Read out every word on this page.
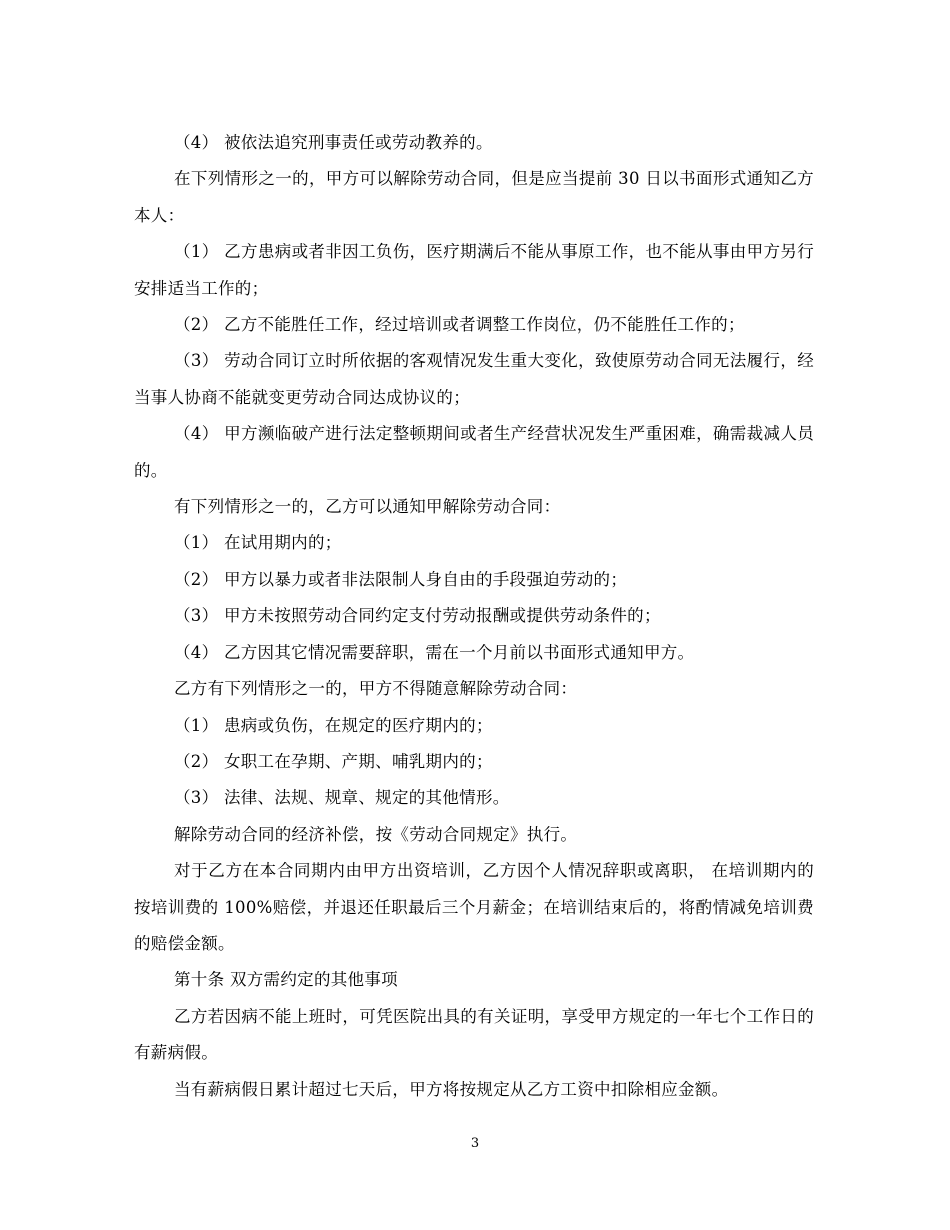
（4） 被依法追究刑事责任或劳动教养的。

在下列情形之一的，甲方可以解除劳动合同，但是应当提前 30 日以书面形式通知乙方本人：

（1） 乙方患病或者非因工负伤，医疗期满后不能从事原工作，也不能从事由甲方另行安排适当工作的；

（2） 乙方不能胜任工作，经过培训或者调整工作岗位，仍不能胜任工作的；

（3） 劳动合同订立时所依据的客观情况发生重大变化，致使原劳动合同无法履行，经当事人协商不能就变更劳动合同达成协议的；

（4） 甲方濒临破产进行法定整顿期间或者生产经营状况发生严重困难，确需裁减人员的。

有下列情形之一的，乙方可以通知甲解除劳动合同：

（1） 在试用期内的；

（2） 甲方以暴力或者非法限制人身自由的手段强迫劳动的；

（3） 甲方未按照劳动合同约定支付劳动报酬或提供劳动条件的；

（4） 乙方因其它情况需要辞职，需在一个月前以书面形式通知甲方。

乙方有下列情形之一的，甲方不得随意解除劳动合同：

（1） 患病或负伤，在规定的医疗期内的；

（2） 女职工在孕期、产期、哺乳期内的；

（3） 法律、法规、规章、规定的其他情形。

解除劳动合同的经济补偿，按《劳动合同规定》执行。

对于乙方在本合同期内由甲方出资培训，乙方因个人情况辞职或离职， 在培训期内的按培训费的 100%赔偿，并退还任职最后三个月薪金；在培训结束后的，将酌情减免培训费的赔偿金额。

第十条 双方需约定的其他事项

乙方若因病不能上班时，可凭医院出具的有关证明，享受甲方规定的一年七个工作日的有薪病假。

当有薪病假日累计超过七天后，甲方将按规定从乙方工资中扣除相应金额。

3
